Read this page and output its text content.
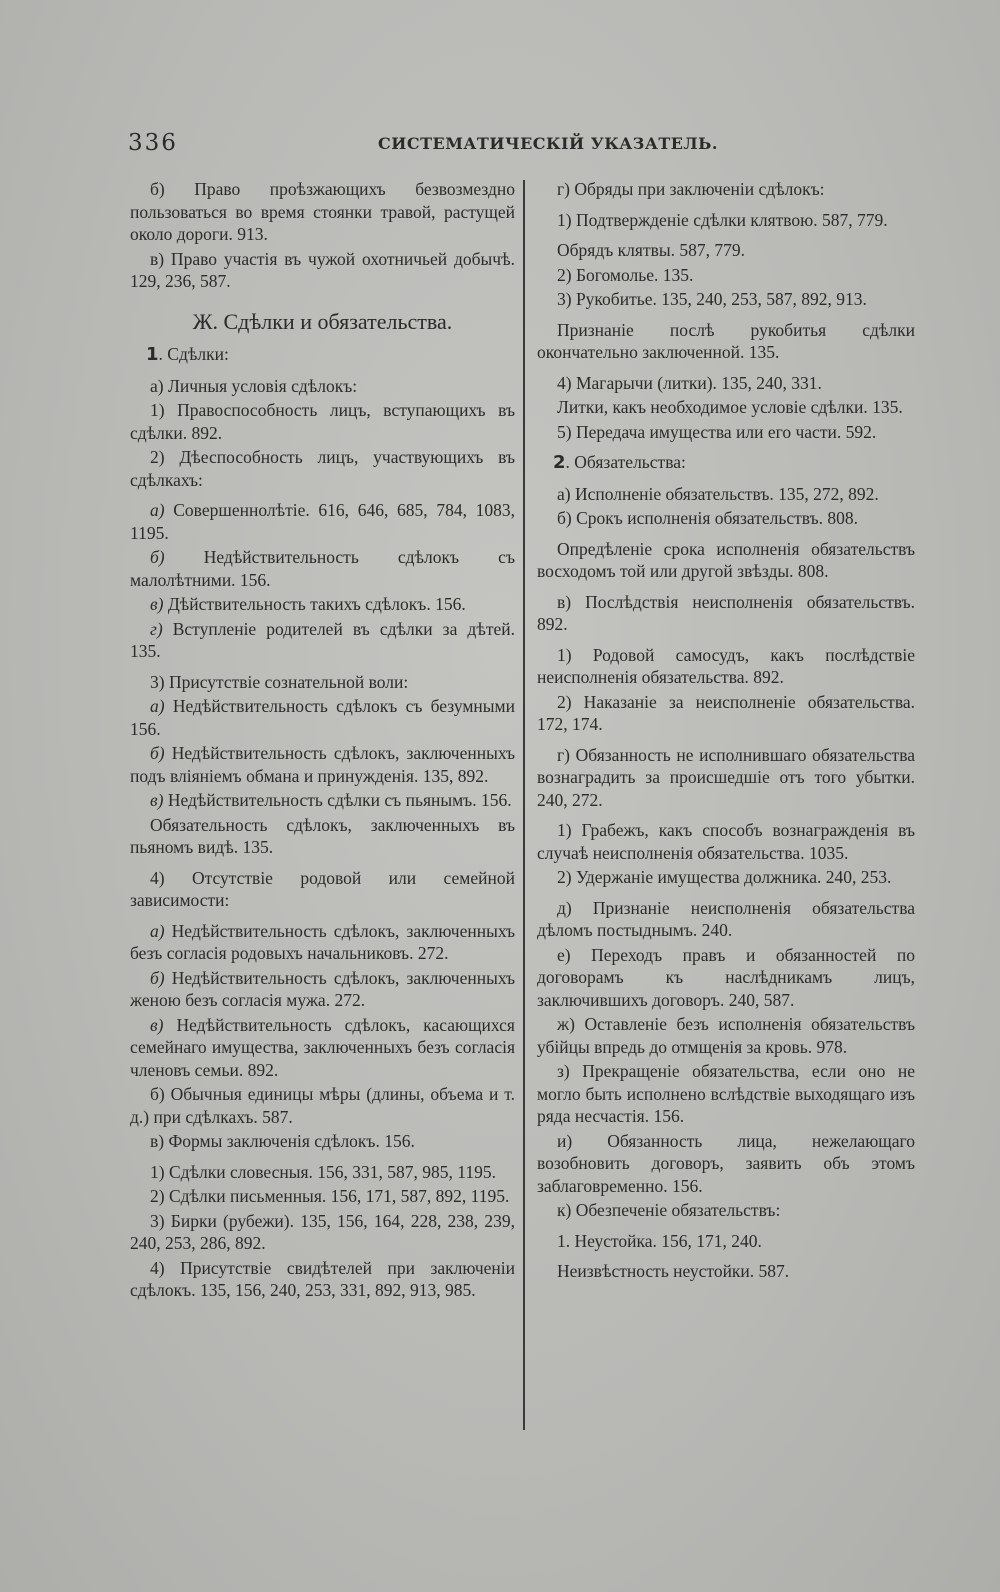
336	СИСТЕМАТИЧЕСКІЙ УКАЗАТЕЛЬ.

б) Право проѣзжающихъ безвозмездно пользоваться во время стоянки травой, растущей около дороги. 913.

в) Право участія въ чужой охотничьей добычѣ. 129, 236, 587.

Ж. Сдѣлки и обязательства.

1. Сдѣлки:

а) Личныя условія сдѣлокъ:

1) Правоспособность лицъ, вступающихъ въ сдѣлки. 892.

2) Дѣеспособность лицъ, участвующихъ въ сдѣлкахъ:

а) Совершеннолѣтіе. 616, 646, 685, 784, 1083, 1195.

б) Недѣйствительность сдѣлокъ съ малолѣтними. 156.

в) Дѣйствительность такихъ сдѣлокъ. 156.

г) Вступленіе родителей въ сдѣлки за дѣтей. 135.

3) Присутствіе сознательной воли:

а) Недѣйствительность сдѣлокъ съ безумными 156.

б) Недѣйствительность сдѣлокъ, заключенныхъ подъ вліяніемъ обмана и принужденія. 135, 892.

в) Недѣйствительность сдѣлки съ пьянымъ. 156.

Обязательность сдѣлокъ, заключенныхъ въ пьяномъ видѣ. 135.

4) Отсутствіе родовой или семейной зависимости:

а) Недѣйствительность сдѣлокъ, заключенныхъ безъ согласія родовыхъ начальниковъ. 272.

б) Недѣйствительность сдѣлокъ, заключенныхъ женою безъ согласія мужа. 272.

в) Недѣйствительность сдѣлокъ, касающихся семейнаго имущества, заключенныхъ безъ согласія членовъ семьи. 892.

б) Обычныя единицы мѣры (длины, объема и т. д.) при сдѣлкахъ. 587.

в) Формы заключенія сдѣлокъ. 156.

1) Сдѣлки словесныя. 156, 331, 587, 985, 1195.

2) Сдѣлки письменныя. 156, 171, 587, 892, 1195.

3) Бирки (рубежи). 135, 156, 164, 228, 238, 239, 240, 253, 286, 892.

4) Присутствіе свидѣтелей при заключеніи сдѣлокъ. 135, 156, 240, 253, 331, 892, 913, 985.

г) Обряды при заключеніи сдѣлокъ:

1) Подтвержденіе сдѣлки клятвою. 587, 779.

Обрядъ клятвы. 587, 779.

2) Богомолье. 135.

3) Рукобитье. 135, 240, 253, 587, 892, 913.

Признаніе послѣ рукобитья сдѣлки окончательно заключенной. 135.

4) Магарычи (литки). 135, 240, 331.

Литки, какъ необходимое условіе сдѣлки. 135.

5) Передача имущества или его части. 592.

2. Обязательства:

а) Исполненіе обязательствъ. 135, 272, 892.

б) Срокъ исполненія обязательствъ. 808.

Опредѣленіе срока исполненія обязательствъ восходомъ той или другой звѣзды. 808.

в) Послѣдствія неисполненія обязательствъ. 892.

1) Родовой самосудъ, какъ послѣдствіе неисполненія обязательства. 892.

2) Наказаніе за неисполненіе обязательства. 172, 174.

г) Обязанность не исполнившаго обязательства вознаградить за происшедшіе отъ того убытки. 240, 272.

1) Грабежъ, какъ способъ вознагражденія въ случаѣ неисполненія обязательства. 1035.

2) Удержаніе имущества должника. 240, 253.

д) Признаніе неисполненія обязательства дѣломъ постыднымъ. 240.

е) Переходъ правъ и обязанностей по договорамъ къ наслѣдникамъ лицъ, заключившихъ договоръ. 240, 587.

ж) Оставленіе безъ исполненія обязательствъ убійцы впредь до отмщенія за кровь. 978.

з) Прекращеніе обязательства, если оно не могло быть исполнено вслѣдствіе выходящаго изъ ряда несчастія. 156.

и) Обязанность лица, нежелающаго возобновить договоръ, заявить объ этомъ заблаговременно. 156.

к) Обезпеченіе обязательствъ:

1. Неустойка. 156, 171, 240.

Неизвѣстность неустойки. 587.
